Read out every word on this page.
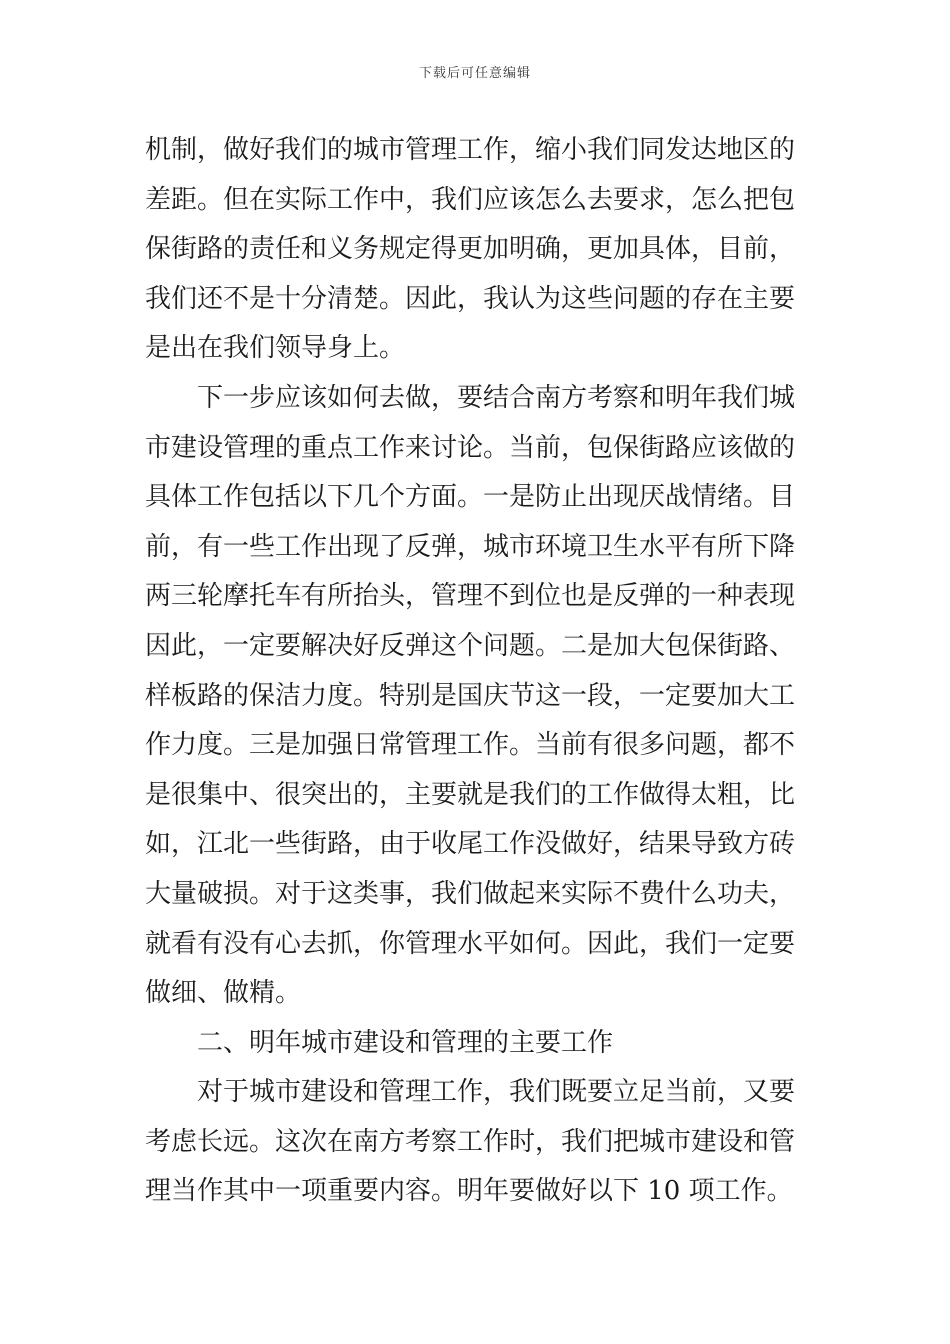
下载后可任意编辑
机制，做好我们的城市管理工作，缩小我们同发达地区的
差距。但在实际工作中，我们应该怎么去要求，怎么把包
保街路的责任和义务规定得更加明确，更加具体，目前，
我们还不是十分清楚。因此，我认为这些问题的存在主要
是出在我们领导身上。
下一步应该如何去做，要结合南方考察和明年我们城
市建设管理的重点工作来讨论。当前，包保街路应该做的
具体工作包括以下几个方面。一是防止出现厌战情绪。目
前，有一些工作出现了反弹，城市环境卫生水平有所下降
两三轮摩托车有所抬头，管理不到位也是反弹的一种表现
因此，一定要解决好反弹这个问题。二是加大包保街路、
样板路的保洁力度。特别是国庆节这一段，一定要加大工
作力度。三是加强日常管理工作。当前有很多问题，都不
是很集中、很突出的，主要就是我们的工作做得太粗，比
如，江北一些街路，由于收尾工作没做好，结果导致方砖
大量破损。对于这类事，我们做起来实际不费什么功夫，
就看有没有心去抓，你管理水平如何。因此，我们一定要
做细、做精。
二、明年城市建设和管理的主要工作
对于城市建设和管理工作，我们既要立足当前，又要
考虑长远。这次在南方考察工作时，我们把城市建设和管
理当作其中一项重要内容。明年要做好以下 10 项工作。
